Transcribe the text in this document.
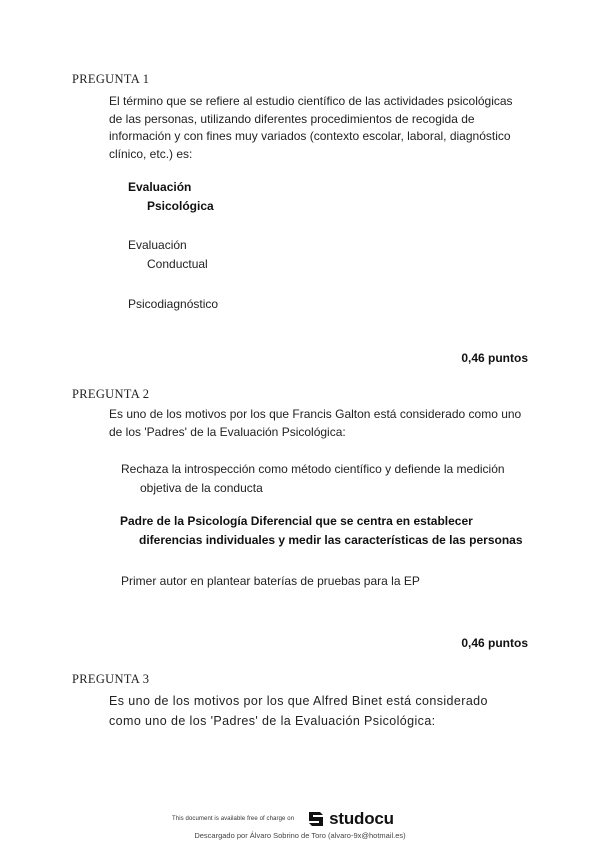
PREGUNTA 1
El término que se refiere al estudio científico de las actividades psicológicas
de las personas, utilizando diferentes procedimientos de recogida de
información y con fines muy variados (contexto escolar, laboral, diagnóstico
clínico, etc.) es:
Evaluación
Psicológica
Evaluación
Conductual
Psicodiagnóstico
0,46 puntos
PREGUNTA 2
Es uno de los motivos por los que Francis Galton está considerado como uno
de los 'Padres' de la Evaluación Psicológica:
Rechaza la introspección como método científico y defiende la medición
objetiva de la conducta
Padre de la Psicología Diferencial que se centra en establecer
diferencias individuales y medir las características de las personas
Primer autor en plantear baterías de pruebas para la EP
0,46 puntos
PREGUNTA 3
Es uno de los motivos por los que Alfred Binet está considerado
como uno de los 'Padres' de la Evaluación Psicológica:
This document is available free of charge on studocu
Descargado por Álvaro Sobrino de Toro (alvaro-9x@hotmail.es)
